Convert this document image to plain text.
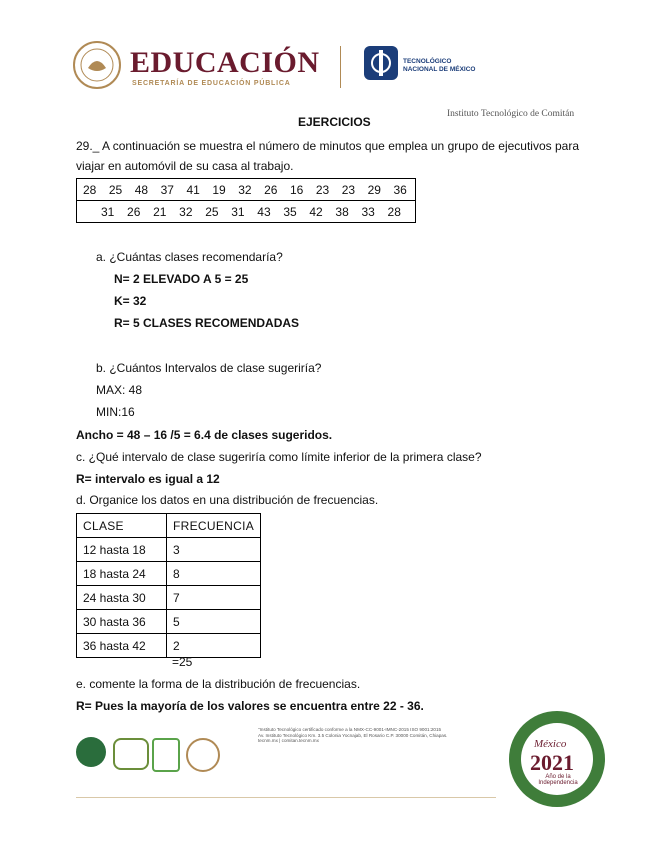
EDUCACIÓN
SECRETARÍA DE EDUCACIÓN PÚBLICA
TECNOLÓGICO
NACIONAL DE MÉXICO
Instituto Tecnológico de Comitán
EJERCICIOS
29._ A continuación se muestra el número de minutos que emplea un grupo de ejecutivos para
viajar en automóvil de su casa al trabajo.
28 25 48 37 41 19 32 26 16 23 23 29 36

31 26 21 32 25 31 43 35 42 38 33 28
a. ¿Cuántas clases recomendaría?
N= 2 ELEVADO A 5 = 25
K= 32
R= 5 CLASES RECOMENDADAS
b. ¿Cuántos Intervalos de clase sugeriría?
MAX: 48
MIN:16
Ancho = 48 – 16 /5 = 6.4 de clases sugeridos.
c. ¿Qué intervalo de clase sugeriría como límite inferior de la primera clase?
R= intervalo es igual a 12
d. Organice los datos en una distribución de frecuencias.
CLASE	FRECUENCIA
12 hasta 18	3
18 hasta 24	8
24 hasta 30	7
30 hasta 36	5
36 hasta 42	2
=25
e. comente la forma de la distribución de frecuencias.
R= Pues la mayoría de los valores se encuentra entre 22 - 36.
"Instituto Tecnológico certificado conforme a la NMX-CC-9001-IMNC-2015 ISO 9001:2015
Av. Instituto Tecnológico Km. 3.5 Colonia Yocnajab, El Rosario C.P. 30000 Comitán, Chiapas.
tecnm.mx | comitan.tecnm.mx	México
2021
Año de la Independencia
